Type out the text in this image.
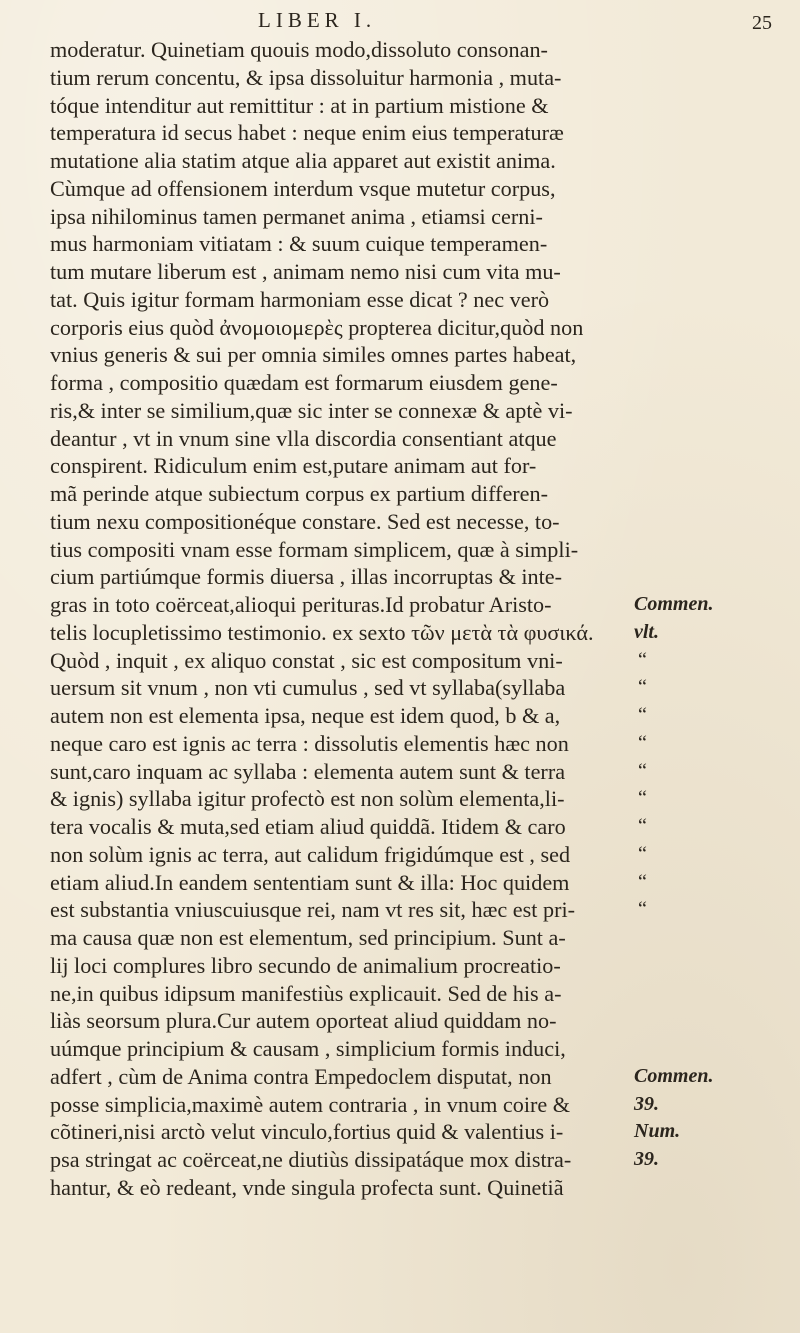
LIBER I.	25
moderatur. Quinetiam quouis modo,dissoluto consonan-
tium rerum concentu, & ipsa dissoluitur harmonia , muta-
tóque intenditur aut remittitur : at in partium mistione &
temperatura id secus habet : neque enim eius temperaturæ
mutatione alia statim atque alia apparet aut existit anima.
Cùmque ad offensionem interdum vsque mutetur corpus,
ipsa nihilominus tamen permanet anima , etiamsi cerni-
mus harmoniam vitiatam : & suum cuique temperamen-
tum mutare liberum est , animam nemo nisi cum vita mu-
tat. Quis igitur formam harmoniam esse dicat ? nec verò
corporis eius quòd ἀνομοιομερὲς propterea dicitur,quòd non
vnius generis & sui per omnia similes omnes partes habeat,
forma , compositio quædam est formarum eiusdem gene-
ris,& inter se similium,quæ sic inter se connexæ & aptè vi-
deantur , vt in vnum sine vlla discordia consentiant atque
conspirent. Ridiculum enim est,putare animam aut for-
mã perinde atque subiectum corpus ex partium differen-
tium nexu compositionéque constare. Sed est necesse, to-
tius compositi vnam esse formam simplicem, quæ à simpli-
cium partiúmque formis diuersa , illas incorruptas & inte-
gras in toto coërceat,alioqui perituras.Id probatur Aristo-
telis locupletissimo testimonio. ex sexto τῶν μετὰ τὰ φυσικά.
Quòd , inquit , ex aliquo constat , sic est compositum vni-
uersum sit vnum , non vti cumulus , sed vt syllaba(syllaba
autem non est elementa ipsa, neque est idem quod, b & a,
neque caro est ignis ac terra : dissolutis elementis hæc non
sunt,caro inquam ac syllaba : elementa autem sunt & terra
& ignis) syllaba igitur profectò est non solùm elementa,li-
tera vocalis & muta,sed etiam aliud quiddã. Itidem & caro
non solùm ignis ac terra, aut calidum frigidúmque est , sed
etiam aliud.In eandem sententiam sunt & illa: Hoc quidem
est substantia vniuscuiusque rei, nam vt res sit, hæc est pri-
ma causa quæ non est elementum, sed principium. Sunt a-
lij loci complures libro secundo de animalium procreatio-
ne,in quibus idipsum manifestiùs explicauit. Sed de his a-
liàs seorsum plura.Cur autem oporteat aliud quiddam no-
uúmque principium & causam , simplicium formis induci,
adfert , cùm de Anima contra Empedoclem disputat, non
posse simplicia,maximè autem contraria , in vnum coire &
cõtineri,nisi arctò velut vinculo,fortius quid & valentius i-
psa stringat ac coërceat,ne diutiùs dissipatáque mox distra-
hantur, & eò redeant, vnde singula profecta sunt. Quinetiã
Commen.
vlt.
“
“
“
“
“
“
“
“
“
“
Commen.
39.
Num.
39.
